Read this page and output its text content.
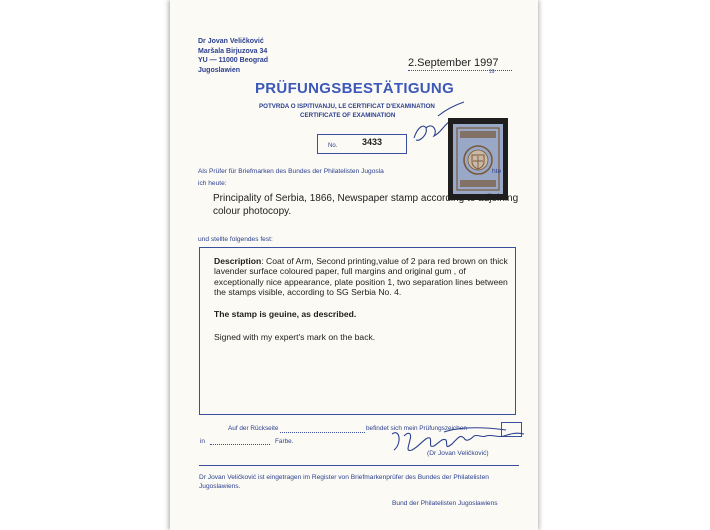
Dr Jovan Veličković
Maršala Birjuzova 34
YU — 11000 Beograd
Jugoslawien
2.September 1997
19
PRÜFUNGSBESTÄTIGUNG
POTVRDA O ISPITIVANJU, LE CERTIFICAT D'EXAMINATION
CERTIFICATE OF EXAMINATION
No.	3433
Als Prüfer für Briefmarken des Bundes der Philatelisten Jugosla	hte
ich heute:
Principality of Serbia, 1866, Newspaper stamp according to adjoining colour photocopy.
und stellte folgendes fest:
Description: Coat of Arm, Second printing,value of 2 para red brown on thick lavender surface coloured paper, full margins and original gum , of exceptionally nice appearance, plate position 1, two separation lines between the stamps visible, according to SG Serbia No. 4.
The stamp is geuine, as described.
Signed with my expert's mark on the back.
Auf der Rückseite	befindet sich mein Prüfungszeichen
in	Farbe.
(Dr Jovan Veličković)
Dr Jovan Veličković ist eingetragen im Register von Briefmarkenprüfer des Bundes der Philatelisten Jugoslawiens.
Bund der Philatelisten Jugoslawiens
